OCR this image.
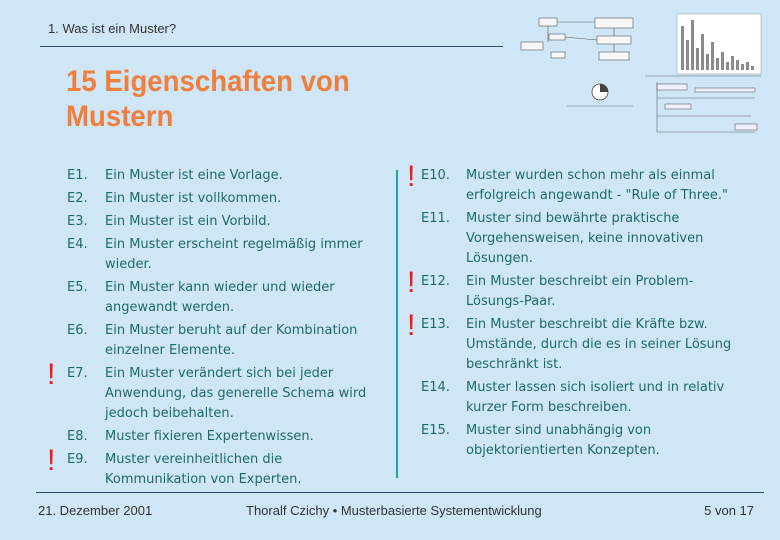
1. Was ist ein Muster?
15 Eigenschaften von
Mustern
E1.	Ein Muster ist eine Vorlage.
E2.	Ein Muster ist vollkommen.
E3.	Ein Muster ist ein Vorbild.
E4.	Ein Muster erscheint regelmäßig immer wieder.
E5.	Ein Muster kann wieder und wieder angewandt werden.
E6.	Ein Muster beruht auf der Kombination einzelner Elemente.
! E7.	Ein Muster verändert sich bei jeder Anwendung, das generelle Schema wird jedoch beibehalten.
E8.	Muster fixieren Expertenwissen.
! E9.	Muster vereinheitlichen die Kommunikation von Experten.
! E10.	Muster wurden schon mehr als einmal erfolgreich angewandt - "Rule of Three."
E11.	Muster sind bewährte praktische Vorgehensweisen, keine innovativen Lösungen.
! E12.	Ein Muster beschreibt ein Problem-Lösungs-Paar.
! E13.	Ein Muster beschreibt die Kräfte bzw. Umstände, durch die es in seiner Lösung beschränkt ist.
E14.	Muster lassen sich isoliert und in relativ kurzer Form beschreiben.
E15.	Muster sind unabhängig von objektorientierten Konzepten.
21. Dezember 2001	Thoralf Czichy • Musterbasierte Systementwicklung	5 von 17
